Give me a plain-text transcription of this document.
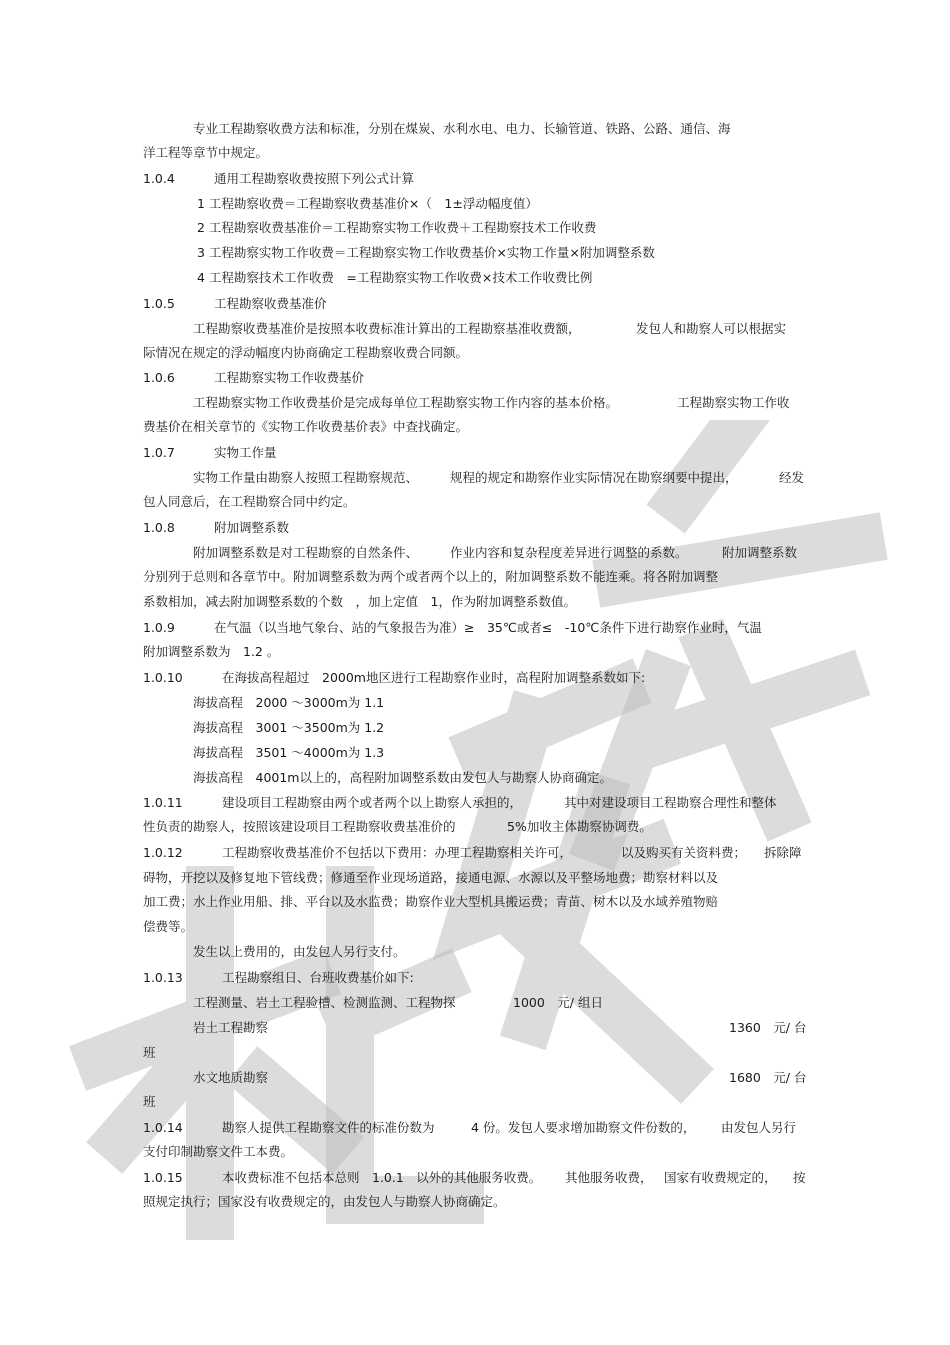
专业工程勘察收费方法和标准，分别在煤炭、水利水电、电力、长输管道、铁路、公路、通信、海

洋工程等章节中规定。

1.0.4	通用工程勘察收费按照下列公式计算

1 工程勘察收费＝工程勘察收费基准价×（　1±浮动幅度值）

2 工程勘察收费基准价＝工程勘察实物工作收费＋工程勘察技术工作收费

3 工程勘察实物工作收费＝工程勘察实物工作收费基价×实物工作量×附加调整系数

4 工程勘察技术工作收费　=工程勘察实物工作收费×技术工作收费比例

1.0.5	工程勘察收费基准价

工程勘察收费基准价是按照本收费标准计算出的工程勘察基准收费额，	发包人和勘察人可以根据实

际情况在规定的浮动幅度内协商确定工程勘察收费合同额。

1.0.6	工程勘察实物工作收费基价

工程勘察实物工作收费基价是完成每单位工程勘察实物工作内容的基本价格。	工程勘察实物工作收

费基价在相关章节的《实物工作收费基价表》中查找确定。

1.0.7	实物工作量

实物工作量由勘察人按照工程勘察规范、	规程的规定和勘察作业实际情况在勘察纲要中提出，	经发

包人同意后，在工程勘察合同中约定。

1.0.8	附加调整系数

附加调整系数是对工程勘察的自然条件、	作业内容和复杂程度差异进行调整的系数。	附加调整系数

分别列于总则和各章节中。附加调整系数为两个或者两个以上的，附加调整系数不能连乘。将各附加调整

系数相加，减去附加调整系数的个数　，加上定值　1，作为附加调整系数值。

1.0.9	在气温（以当地气象台、站的气象报告为准）≥　35℃或者≤　-10℃条件下进行勘察作业时，气温

附加调整系数为　1.2 。

1.0.10	在海拔高程超过　2000m地区进行工程勘察作业时，高程附加调整系数如下:

海拔高程　2000 ～3000m为 1.1

海拔高程　3001 ～3500m为 1.2

海拔高程　3501 ～4000m为 1.3

海拔高程　4001m以上的，高程附加调整系数由发包人与勘察人协商确定。

1.0.11	建设项目工程勘察由两个或者两个以上勘察人承担的，	其中对建设项目工程勘察合理性和整体

性负责的勘察人，按照该建设项目工程勘察收费基准价的	5%加收主体勘察协调费。

1.0.12	工程勘察收费基准价不包括以下费用：办理工程勘察相关许可，	以及购买有关资料费； 拆除障

碍物，开挖以及修复地下管线费；修通至作业现场道路，接通电源、水源以及平整场地费；勘察材料以及

加工费；水上作业用船、排、平台以及水监费；勘察作业大型机具搬运费；青苗、树木以及水域养殖物赔

偿费等。

发生以上费用的，由发包人另行支付。

1.0.13	工程勘察组日、台班收费基价如下:

工程测量、岩土工程验槽、检测监测、工程物探	1000　元/ 组日

岩土工程勘察	1360　元/ 台

班

水文地质勘察	1680　元/ 台

班

1.0.14	勘察人提供工程勘察文件的标准份数为	4 份。发包人要求增加勘察文件份数的， 由发包人另行

支付印制勘察文件工本费。

1.0.15	本收费标准不包括本总则　1.0.1　以外的其他服务收费。 其他服务收费， 国家有收费规定的， 按

照规定执行；国家没有收费规定的，由发包人与勘察人协商确定。
